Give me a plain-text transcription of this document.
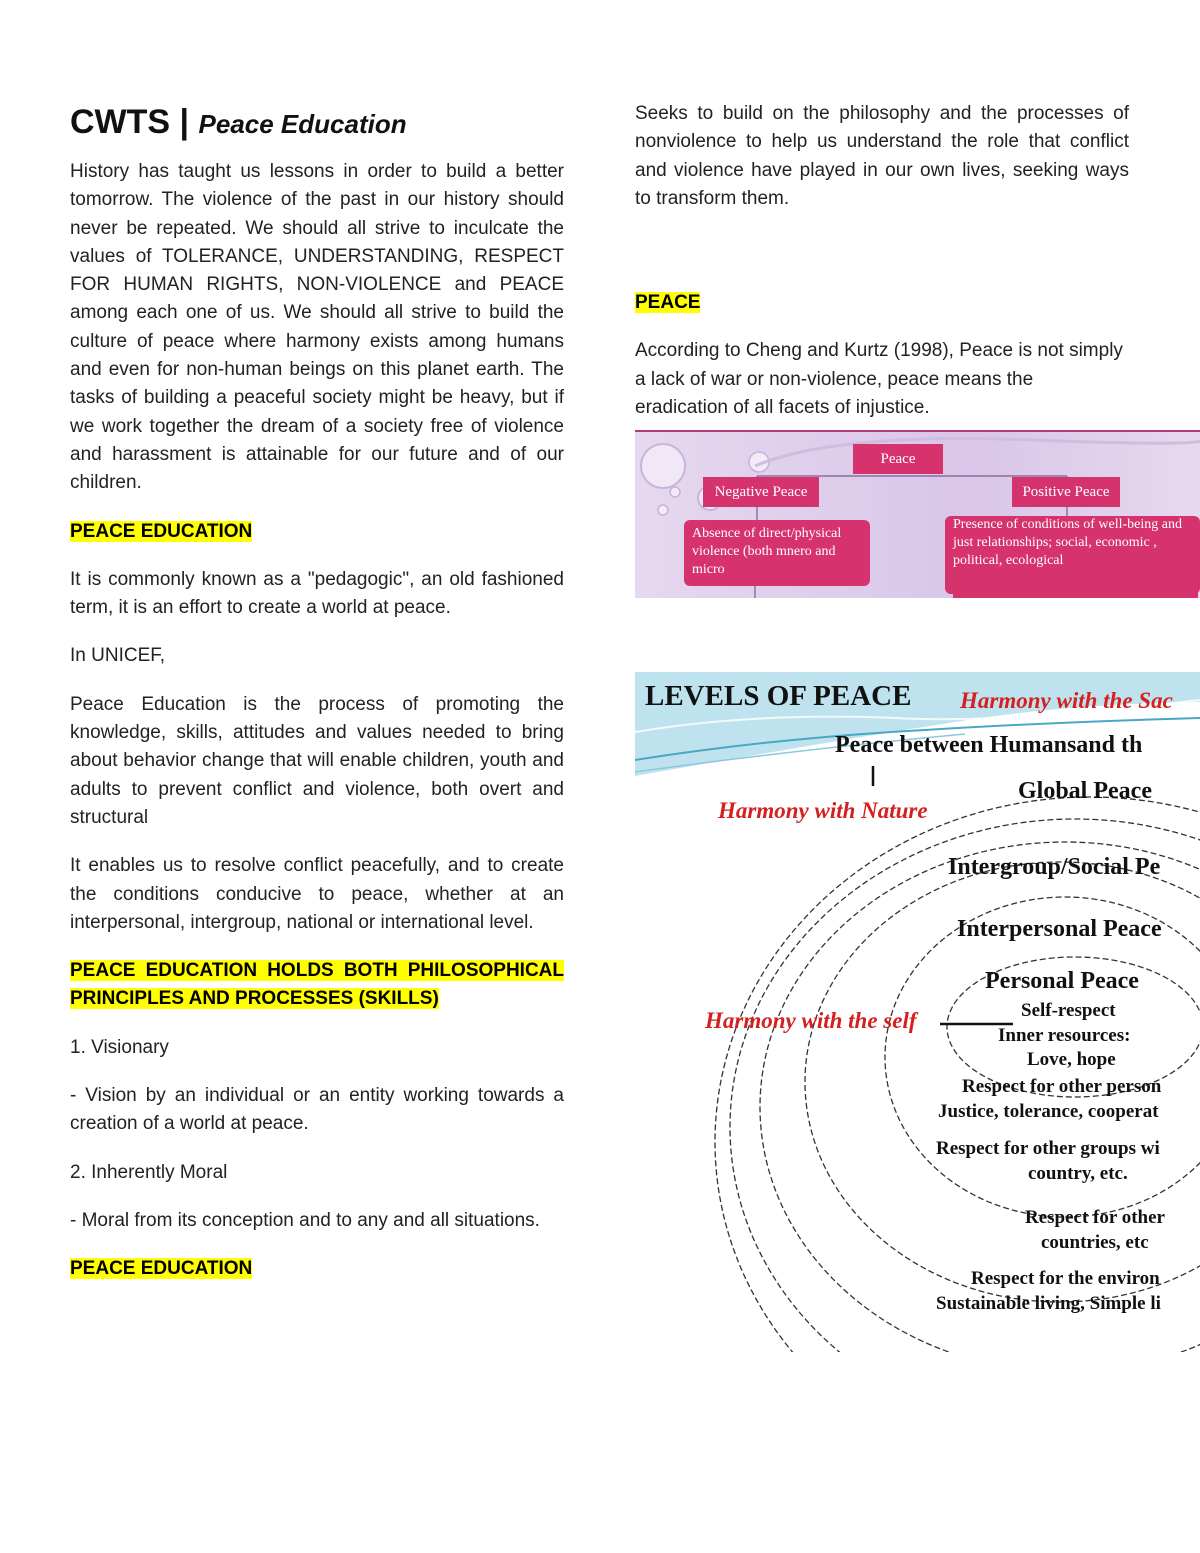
CWTS | Peace Education

History has taught us lessons in order to build a better tomorrow. The violence of the past in our history should never be repeated. We should all strive to inculcate the values of TOLERANCE, UNDERSTANDING, RESPECT FOR HUMAN RIGHTS, NON-VIOLENCE and PEACE among each one of us. We should all strive to build the culture of peace where harmony exists among humans and even for non-human beings on this planet earth. The tasks of building a peaceful society might be heavy, but if we work together the dream of a society free of violence and harassment is attainable for our future and of our children.

PEACE EDUCATION

It is commonly known as a "pedagogic", an old fashioned term, it is an effort to create a world at peace.

In UNICEF,

Peace Education is the process of promoting the knowledge, skills, attitudes and values needed to bring about behavior change that will enable children, youth and adults to prevent conflict and violence, both overt and structural

It enables us to resolve conflict peacefully, and to create the conditions conducive to peace, whether at an interpersonal, intergroup, national or international level.

PEACE EDUCATION HOLDS BOTH PHILOSOPHICAL PRINCIPLES AND PROCESSES (SKILLS)

1. Visionary

- Vision by an individual or an entity working towards a creation of a world at peace.

2. Inherently Moral

- Moral from its conception and to any and all situations.

PEACE EDUCATION

Seeks to build on the philosophy and the processes of nonviolence to help us understand the role that conflict and violence have played in our own lives, seeking ways to transform them.

PEACE

According to Cheng and Kurtz (1998), Peace is not simply a lack of war or non-violence, peace means the eradication of all facets of injustice.

Peace
Negative Peace	Positive Peace
Absence of direct/physical violence (both mnero and micro
Presence of conditions of well-being and just relationships; social, economic , political, ecological
LEVELS OF PEACE Harmony with the Sac
Peace between Humansand th
Harmony with Nature
Global Peace
Intergroup/Social Pe
Interpersonal Peace
Personal Peace
Self-respect
Inner resources:
Love, hope
Harmony with the self
Respect for other person
Justice, tolerance, cooperat
Respect for other groups wi
country, etc.
Respect for other
countries, etc
Respect for the environ
Sustainable living, Simple li
